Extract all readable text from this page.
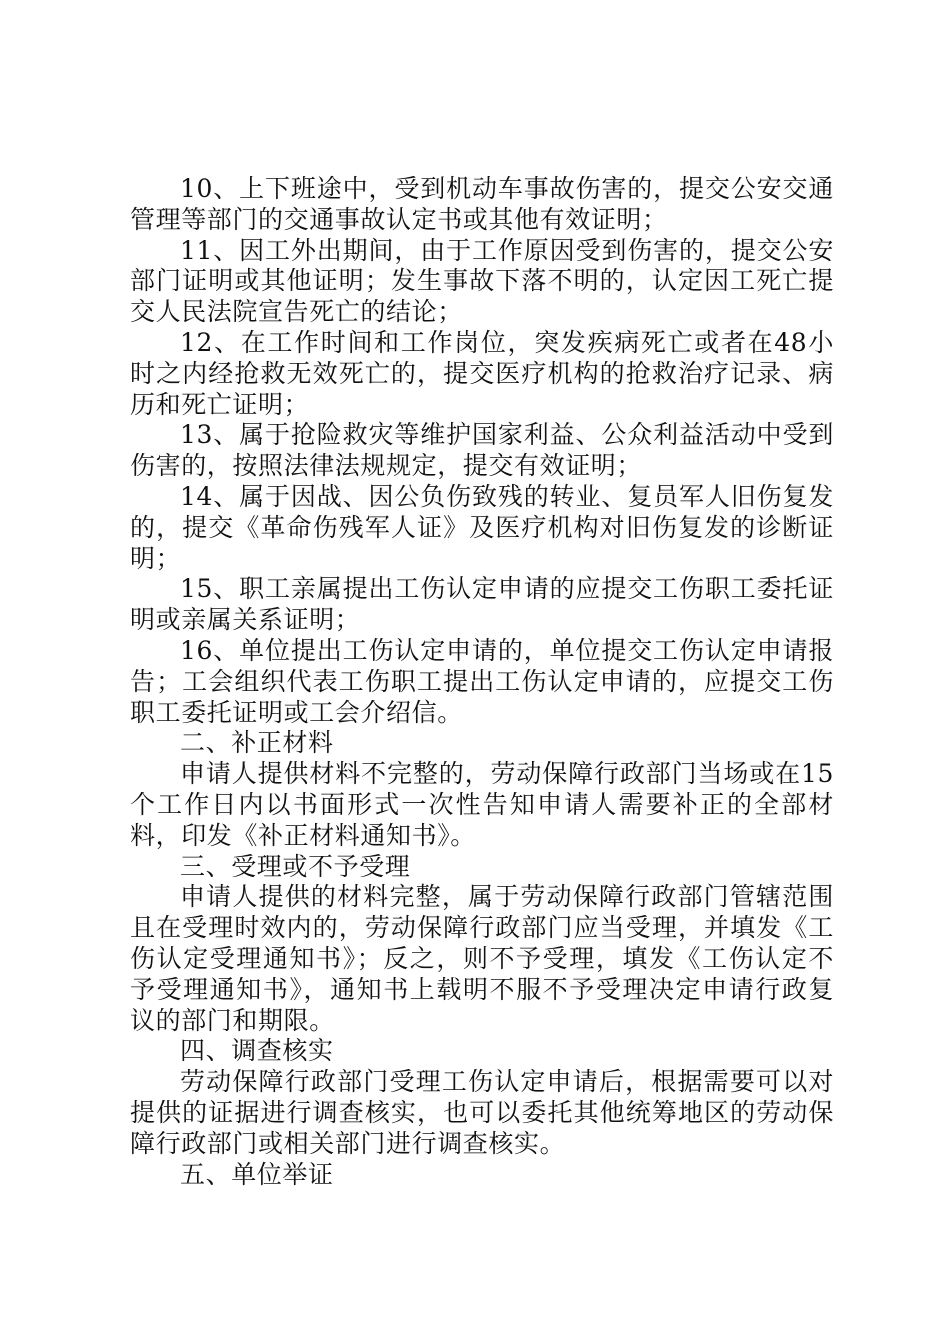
10、上下班途中，受到机动车事故伤害的，提交公安交通管理等部门的交通事故认定书或其他有效证明；

11、因工外出期间，由于工作原因受到伤害的，提交公安部门证明或其他证明；发生事故下落不明的，认定因工死亡提交人民法院宣告死亡的结论；

12、在工作时间和工作岗位，突发疾病死亡或者在48小时之内经抢救无效死亡的，提交医疗机构的抢救治疗记录、病历和死亡证明；

13、属于抢险救灾等维护国家利益、公众利益活动中受到伤害的，按照法律法规规定，提交有效证明；

14、属于因战、因公负伤致残的转业、复员军人旧伤复发的，提交《革命伤残军人证》及医疗机构对旧伤复发的诊断证明；

15、职工亲属提出工伤认定申请的应提交工伤职工委托证明或亲属关系证明；

16、单位提出工伤认定申请的，单位提交工伤认定申请报告；工会组织代表工伤职工提出工伤认定申请的，应提交工伤职工委托证明或工会介绍信。

二、补正材料

申请人提供材料不完整的，劳动保障行政部门当场或在15个工作日内以书面形式一次性告知申请人需要补正的全部材料，印发《补正材料通知书》。

三、受理或不予受理

申请人提供的材料完整，属于劳动保障行政部门管辖范围且在受理时效内的，劳动保障行政部门应当受理，并填发《工伤认定受理通知书》；反之，则不予受理，填发《工伤认定不予受理通知书》，通知书上载明不服不予受理决定申请行政复议的部门和期限。

四、调查核实

劳动保障行政部门受理工伤认定申请后，根据需要可以对提供的证据进行调查核实，也可以委托其他统筹地区的劳动保障行政部门或相关部门进行调查核实。

五、单位举证
